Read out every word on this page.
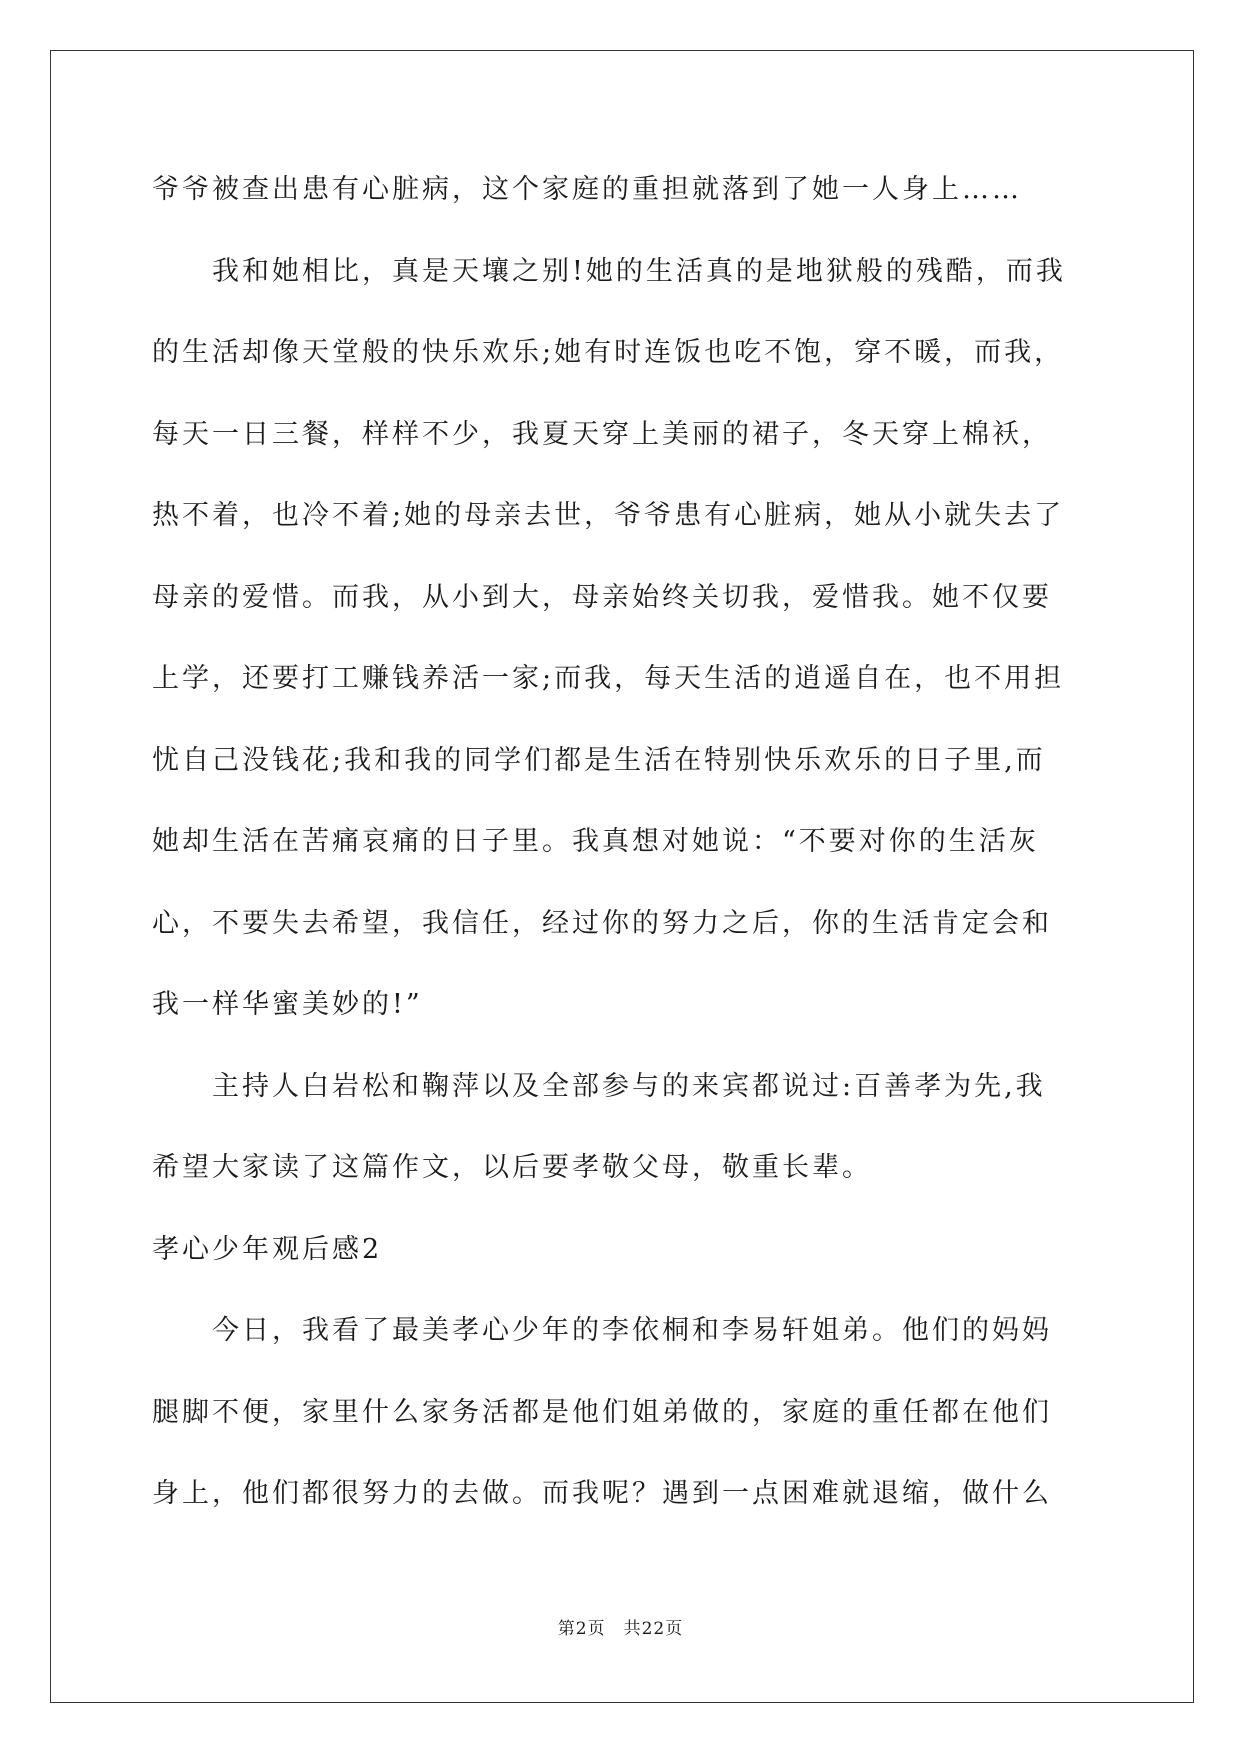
爷爷被查出患有心脏病，这个家庭的重担就落到了她一人身上……
　　我和她相比，真是天壤之别!她的生活真的是地狱般的残酷，而我
的生活却像天堂般的快乐欢乐;她有时连饭也吃不饱，穿不暖，而我，
每天一日三餐，样样不少，我夏天穿上美丽的裙子，冬天穿上棉袄，
热不着，也冷不着;她的母亲去世，爷爷患有心脏病，她从小就失去了
母亲的爱惜。而我，从小到大，母亲始终关切我，爱惜我。她不仅要
上学，还要打工赚钱养活一家;而我，每天生活的逍遥自在，也不用担
忧自己没钱花;我和我的同学们都是生活在特别快乐欢乐的日子里,而
她却生活在苦痛哀痛的日子里。我真想对她说：“不要对你的生活灰
心，不要失去希望，我信任，经过你的努力之后，你的生活肯定会和
我一样华蜜美妙的!”
　　主持人白岩松和鞠萍以及全部参与的来宾都说过:百善孝为先,我
希望大家读了这篇作文，以后要孝敬父母，敬重长辈。
孝心少年观后感2
　　今日，我看了最美孝心少年的李依桐和李易轩姐弟。他们的妈妈
腿脚不便，家里什么家务活都是他们姐弟做的，家庭的重任都在他们
身上，他们都很努力的去做。而我呢？遇到一点困难就退缩，做什么
第2页　共22页
